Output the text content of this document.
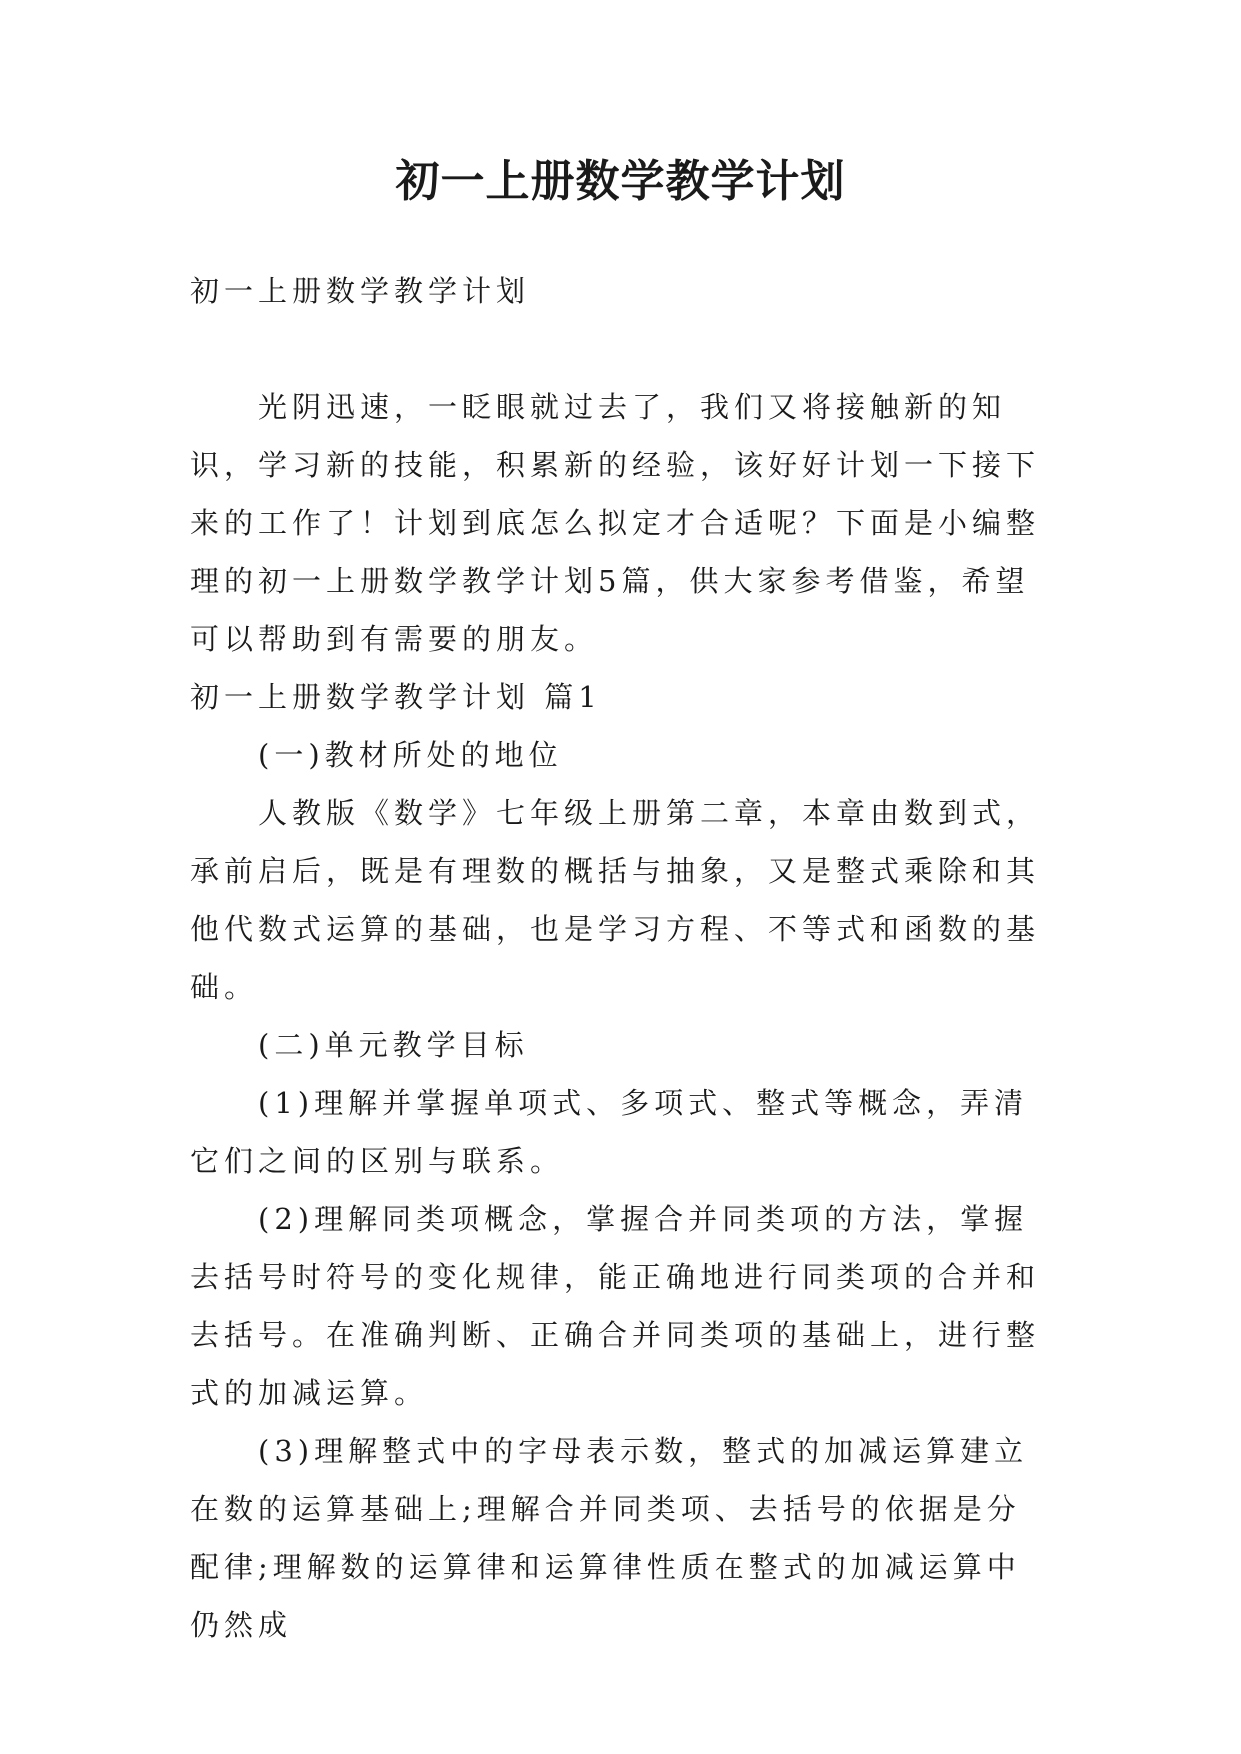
初一上册数学教学计划

初一上册数学教学计划

光阴迅速，一眨眼就过去了，我们又将接触新的知识，学习新的技能，积累新的经验，该好好计划一下接下来的工作了！计划到底怎么拟定才合适呢？下面是小编整理的初一上册数学教学计划5篇，供大家参考借鉴，希望可以帮助到有需要的朋友。

初一上册数学教学计划 篇1

(一)教材所处的地位

人教版《数学》七年级上册第二章，本章由数到式，承前启后，既是有理数的概括与抽象，又是整式乘除和其他代数式运算的基础，也是学习方程、不等式和函数的基础。

(二)单元教学目标

(1)理解并掌握单项式、多项式、整式等概念，弄清它们之间的区别与联系。

(2)理解同类项概念，掌握合并同类项的方法，掌握去括号时符号的变化规律，能正确地进行同类项的合并和去括号。在准确判断、正确合并同类项的基础上，进行整式的加减运算。

(3)理解整式中的字母表示数，整式的加减运算建立在数的运算基础上;理解合并同类项、去括号的依据是分配律;理解数的运算律和运算律性质在整式的加减运算中仍然成
